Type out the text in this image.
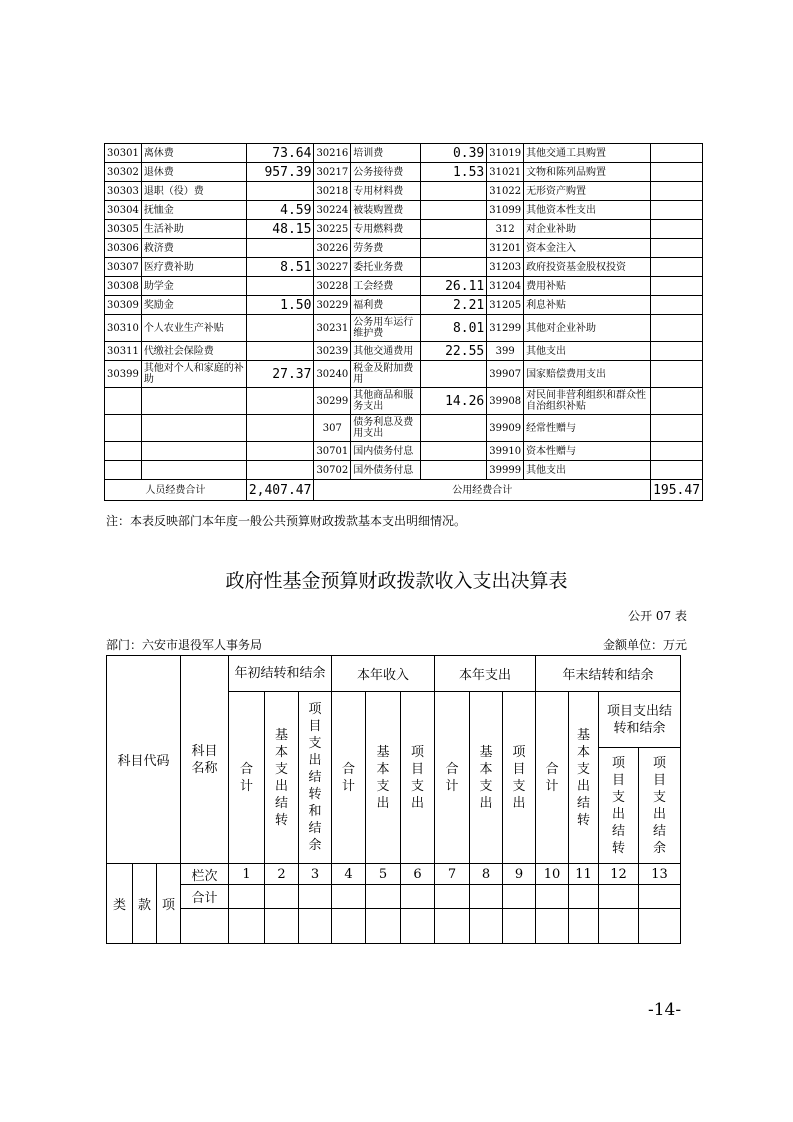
30301	离休费	73.64	30216	培训费	0.39	31019	其他交通工具购置	
30302	退休费	957.39	30217	公务接待费	1.53	31021	文物和陈列品购置	
30303	退职（役）费		30218	专用材料费		31022	无形资产购置	
30304	抚恤金	4.59	30224	被装购置费		31099	其他资本性支出	
30305	生活补助	48.15	30225	专用燃料费		312	对企业补助	
30306	救济费		30226	劳务费		31201	资本金注入	
30307	医疗费补助	8.51	30227	委托业务费		31203	政府投资基金股权投资	
30308	助学金		30228	工会经费	26.11	31204	费用补贴	
30309	奖励金	1.50	30229	福利费	2.21	31205	利息补贴	
30310	个人农业生产补贴		30231	公务用车运行维护费	8.01	31299	其他对企业补助	
30311	代缴社会保险费		30239	其他交通费用	22.55	399	其他支出	
30399	其他对个人和家庭的补助	27.37	30240	税金及附加费用		39907	国家赔偿费用支出	
			30299	其他商品和服务支出	14.26	39908	对民间非营利组织和群众性自治组织补贴	
			307	债务利息及费用支出		39909	经常性赠与	
			30701	国内债务付息		39910	资本性赠与	
			30702	国外债务付息		39999	其他支出	
人员经费合计		2,407.47	公用经费合计					195.47
注：本表反映部门本年度一般公共预算财政拨款基本支出明细情况。
政府性基金预算财政拨款收入支出决算表
公开 07 表
部门：六安市退役军人事务局	金额单位：万元
科目代码			科目名称	年初结转和结余			本年收入			本年支出			年末结转和结余			
				合计	基本支出结转	项目支出结转和结余	合计	基本支出	项目支出	合计	基本支出	项目支出	合计	基本支出结转	项目支出结转和结余	
															项目支出结转	项目支出结余

类	款	项	栏次	1	2	3	4	5	6	7	8	9	10	11	12	13
			合计													

-14-
